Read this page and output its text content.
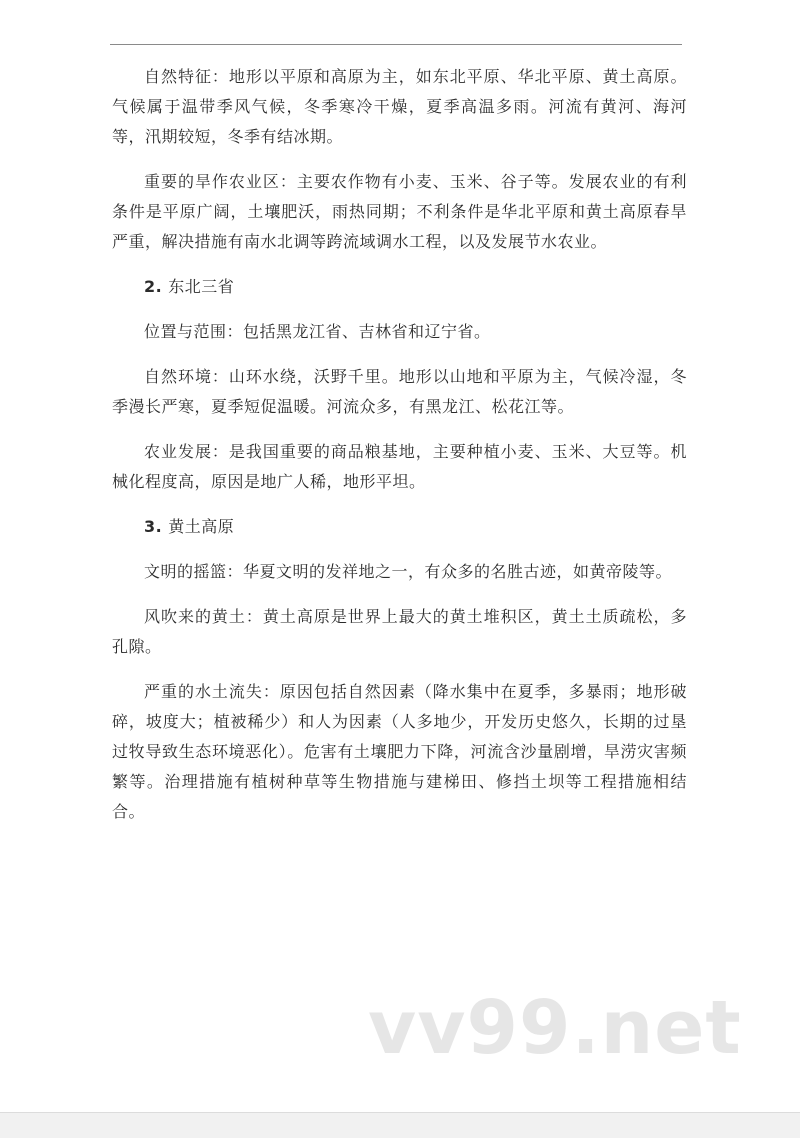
自然特征：地形以平原和高原为主，如东北平原、华北平原、黄土高原。气候属于温带季风气候，冬季寒冷干燥，夏季高温多雨。河流有黄河、海河等，汛期较短，冬季有结冰期。

重要的旱作农业区：主要农作物有小麦、玉米、谷子等。发展农业的有利条件是平原广阔，土壤肥沃，雨热同期；不利条件是华北平原和黄土高原春旱严重，解决措施有南水北调等跨流域调水工程，以及发展节水农业。

2. 东北三省

位置与范围：包括黑龙江省、吉林省和辽宁省。

自然环境：山环水绕，沃野千里。地形以山地和平原为主，气候冷湿，冬季漫长严寒，夏季短促温暖。河流众多，有黑龙江、松花江等。

农业发展：是我国重要的商品粮基地，主要种植小麦、玉米、大豆等。机械化程度高，原因是地广人稀，地形平坦。

3. 黄土高原

文明的摇篮：华夏文明的发祥地之一，有众多的名胜古迹，如黄帝陵等。

风吹来的黄土：黄土高原是世界上最大的黄土堆积区，黄土土质疏松，多孔隙。

严重的水土流失：原因包括自然因素（降水集中在夏季，多暴雨；地形破碎，坡度大；植被稀少）和人为因素（人多地少，开发历史悠久，长期的过垦过牧导致生态环境恶化）。危害有土壤肥力下降，河流含沙量剧增，旱涝灾害频繁等。治理措施有植树种草等生物措施与建梯田、修挡土坝等工程措施相结合。

vv99.net
